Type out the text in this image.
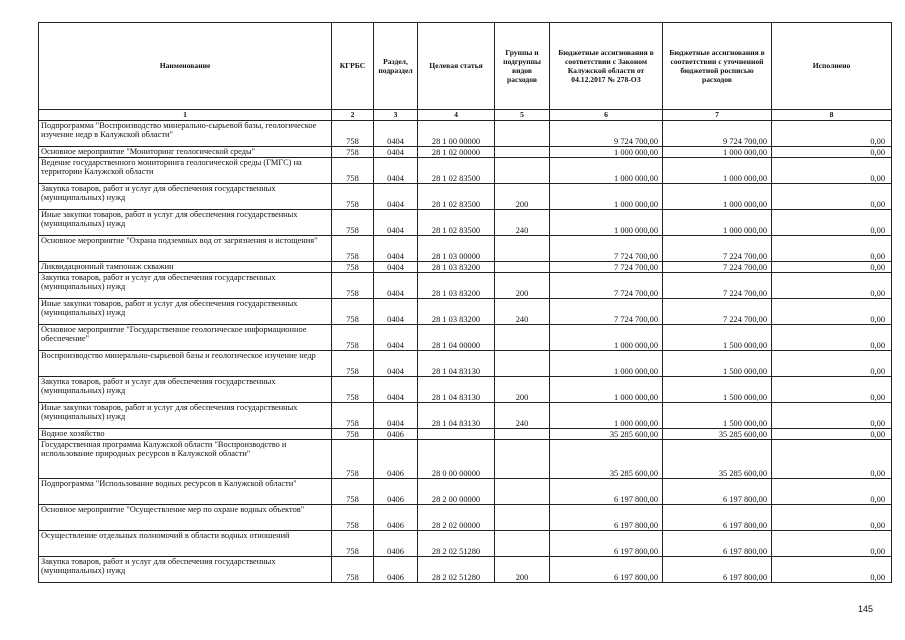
Наименование	КГРБС	Раздел, подраздел	Целевая статья	Группы и подгруппы видов расходов	Бюджетные ассигнования в соответствии с Законом Калужской области от 04.12.2017 № 278-ОЗ	Бюджетные ассигнования в соответствии с уточненной бюджетной росписью расходов	Исполнено
1	2	3	4	5	6	7	8
Подпрограмма "Воспроизводство минерально-сырьевой базы, геологическое изучение недр в Калужской области"	758	0404	28 1 00 00000		9 724 700,00	9 724 700,00	0,00
Основное мероприятие "Мониторинг геологической среды"	758	0404	28 1 02 00000		1 000 000,00	1 000 000,00	0,00
Ведение государственного мониторинга геологической среды (ГМГС) на территории Калужской области	758	0404	28 1 02 83500		1 000 000,00	1 000 000,00	0,00
Закупка товаров, работ и услуг для обеспечения государственных (муниципальных) нужд	758	0404	28 1 02 83500	200	1 000 000,00	1 000 000,00	0,00
Иные закупки товаров, работ и услуг для обеспечения государственных (муниципальных) нужд	758	0404	28 1 02 83500	240	1 000 000,00	1 000 000,00	0,00
Основное мероприятие "Охрана подземных вод от загрязнения и истощения"	758	0404	28 1 03 00000		7 724 700,00	7 224 700,00	0,00
Ликвидационный тампонаж скважин	758	0404	28 1 03 83200		7 724 700,00	7 224 700,00	0,00
Закупка товаров, работ и услуг для обеспечения государственных (муниципальных) нужд	758	0404	28 1 03 83200	200	7 724 700,00	7 224 700,00	0,00
Иные закупки товаров, работ и услуг для обеспечения государственных (муниципальных) нужд	758	0404	28 1 03 83200	240	7 724 700,00	7 224 700,00	0,00
Основное мероприятие "Государственное геологическое информационное обеспечение"	758	0404	28 1 04 00000		1 000 000,00	1 500 000,00	0,00
Воспроизводство минерально-сырьевой базы и геологическое изучение недр	758	0404	28 1 04 83130		1 000 000,00	1 500 000,00	0,00
Закупка товаров, работ и услуг для обеспечения государственных (муниципальных) нужд	758	0404	28 1 04 83130	200	1 000 000,00	1 500 000,00	0,00
Иные закупки товаров, работ и услуг для обеспечения государственных (муниципальных) нужд	758	0404	28 1 04 83130	240	1 000 000,00	1 500 000,00	0,00
Водное хозяйство	758	0406			35 285 600,00	35 285 600,00	0,00
Государственная программа Калужской области "Воспроизводство и использование природных ресурсов в Калужской области"	758	0406	28 0 00 00000		35 285 600,00	35 285 600,00	0,00
Подпрограмма "Использование водных ресурсов в Калужской области"	758	0406	28 2 00 00000		6 197 800,00	6 197 800,00	0,00
Основное мероприятие "Осуществление мер по охране водных объектов"	758	0406	28 2 02 00000		6 197 800,00	6 197 800,00	0,00
Осуществление отдельных полномочий в области водных отношений	758	0406	28 2 02 51280		6 197 800,00	6 197 800,00	0,00
Закупка товаров, работ и услуг для обеспечения государственных (муниципальных) нужд	758	0406	28 2 02 51280	200	6 197 800,00	6 197 800,00	0,00
145
